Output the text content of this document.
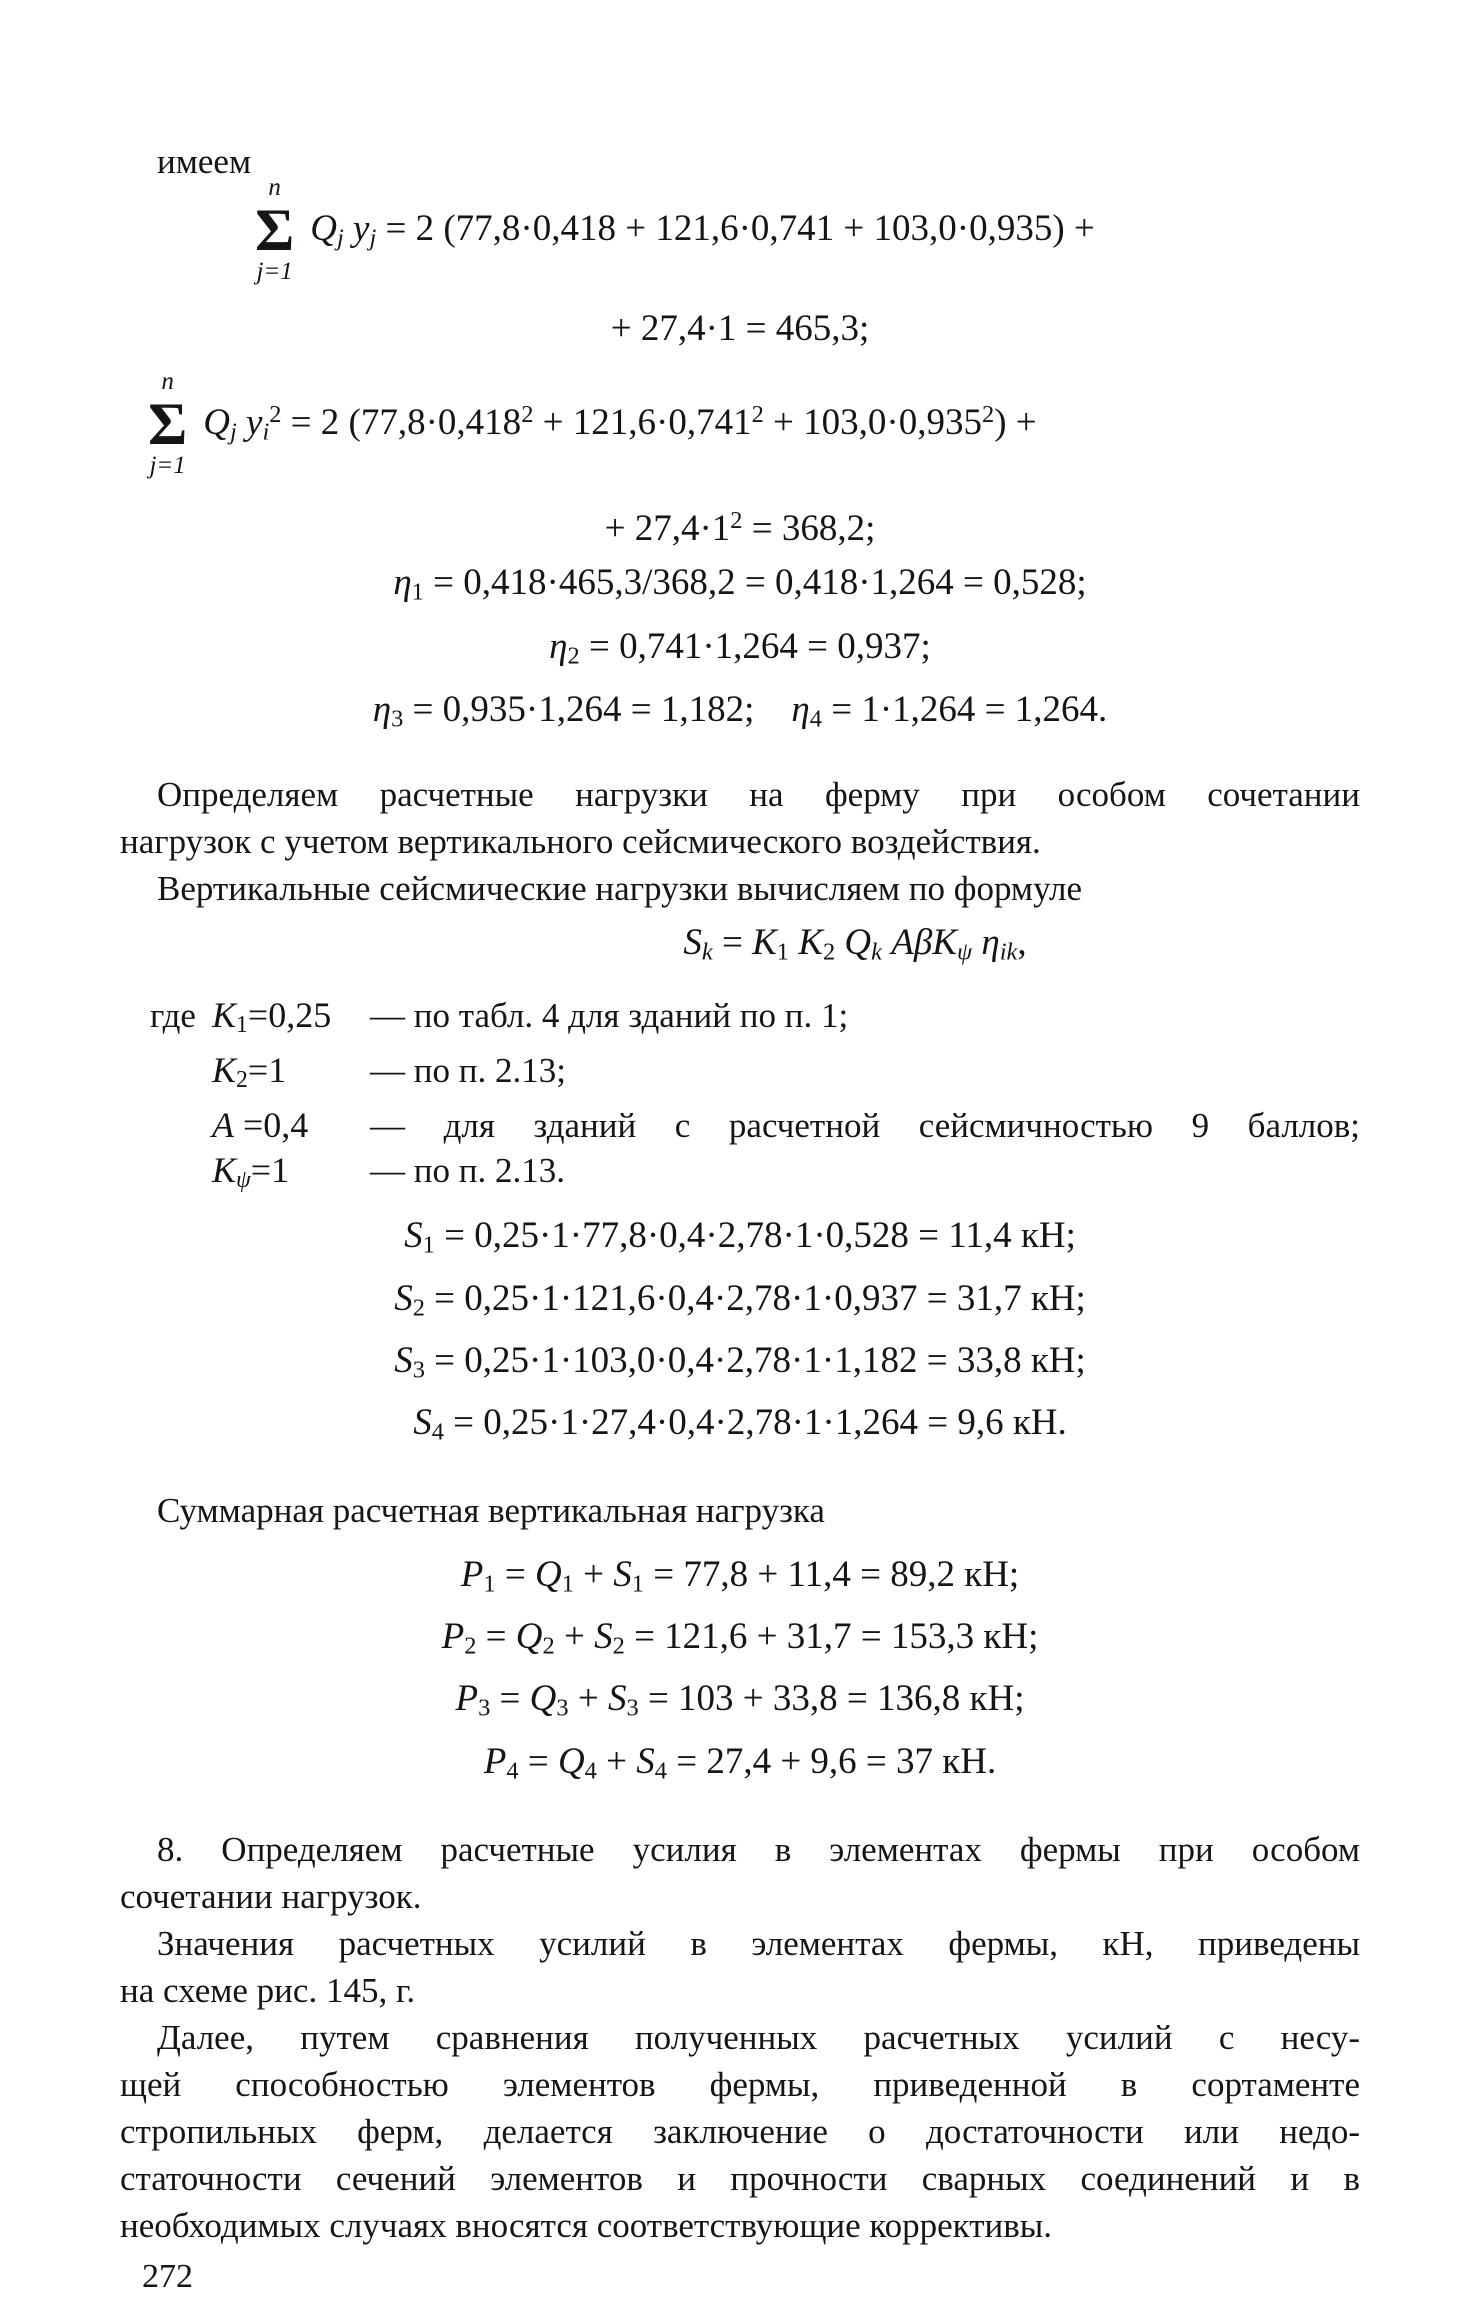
имеем
n
Σ
j=1
Qj yj = 2 (77,8·0,418 + 121,6·0,741 + 103,0·0,935) +
+ 27,4·1 = 465,3;
n
Σ
j=1
Qj $yi^2 = 2$ $(77,8\cdot 0,418^2 + 121,6\cdot 0,741^2 + 103,0\cdot 0,935^2)$ +
+ $27,4\cdot 1^2 = 368,2$;
η1 = 0,418·465,3/368,2 = 0,418·1,264 = 0,528;
η2 = 0,741·1,264 = 0,937;
η3 = 0,935·1,264 = 1,182;  η4 = 1·1,264 = 1,264.
Определяем расчетные нагрузки на ферму при особом сочетании
нагрузок с учетом вертикального сейсмического воздействия.
Вертикальные сейсмические нагрузки вычисляем по формуле
Sk = K1 K2 Qk AβKψ ηik,
где K1=0,25	— по табл. 4 для зданий по п. 1;
K2=1	— по п. 2.13;
A =0,4	— для зданий с расчетной сейсмичностью 9 баллов;
Kψ=1	— по п. 2.13.
S1 = 0,25·1·77,8·0,4·2,78·1·0,528 = 11,4 кН;
S2 = 0,25·1·121,6·0,4·2,78·1·0,937 = 31,7 кН;
S3 = 0,25·1·103,0·0,4·2,78·1·1,182 = 33,8 кН;
S4 = 0,25·1·27,4·0,4·2,78·1·1,264 = 9,6 кН.
Суммарная расчетная вертикальная нагрузка
P1 = Q1 + S1 = 77,8 + 11,4 = 89,2 кН;
P2 = Q2 + S2 = 121,6 + 31,7 = 153,3 кН;
P3 = Q3 + S3 = 103 + 33,8 = 136,8 кН;
P4 = Q4 + S4 = 27,4 + 9,6 = 37 кН.
8. Определяем расчетные усилия в элементах фермы при особом
сочетании нагрузок.
Значения расчетных усилий в элементах фермы, кН, приведены
на схеме рис. 145, г.
Далее, путем сравнения полученных расчетных усилий с несу-
щей способностью элементов фермы, приведенной в сортаменте
стропильных ферм, делается заключение о достаточности или недо-
статочности сечений элементов и прочности сварных соединений и в
необходимых случаях вносятся соответствующие коррективы.
272
